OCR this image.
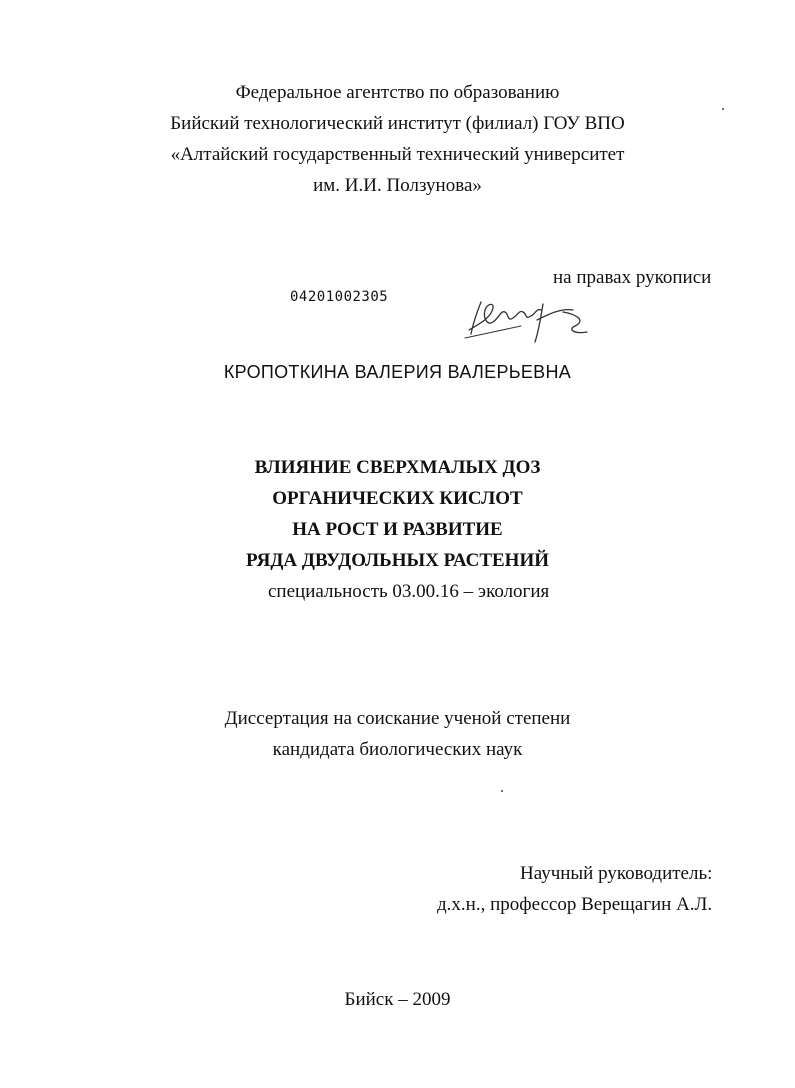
Федеральное агентство по образованию
Бийский технологический институт (филиал) ГОУ ВПО
«Алтайский государственный технический университет
им. И.И. Ползунова»
на правах рукописи
04201002305
КРОПОТКИНА ВАЛЕРИЯ ВАЛЕРЬЕВНА
ВЛИЯНИЕ СВЕРХМАЛЫХ ДОЗ
ОРГАНИЧЕСКИХ КИСЛОТ
НА РОСТ И РАЗВИТИЕ
РЯДА ДВУДОЛЬНЫХ РАСТЕНИЙ
специальность 03.00.16 – экология
Диссертация на соискание ученой степени
кандидата биологических наук
Научный руководитель:
д.х.н., профессор Верещагин А.Л.
Бийск – 2009
